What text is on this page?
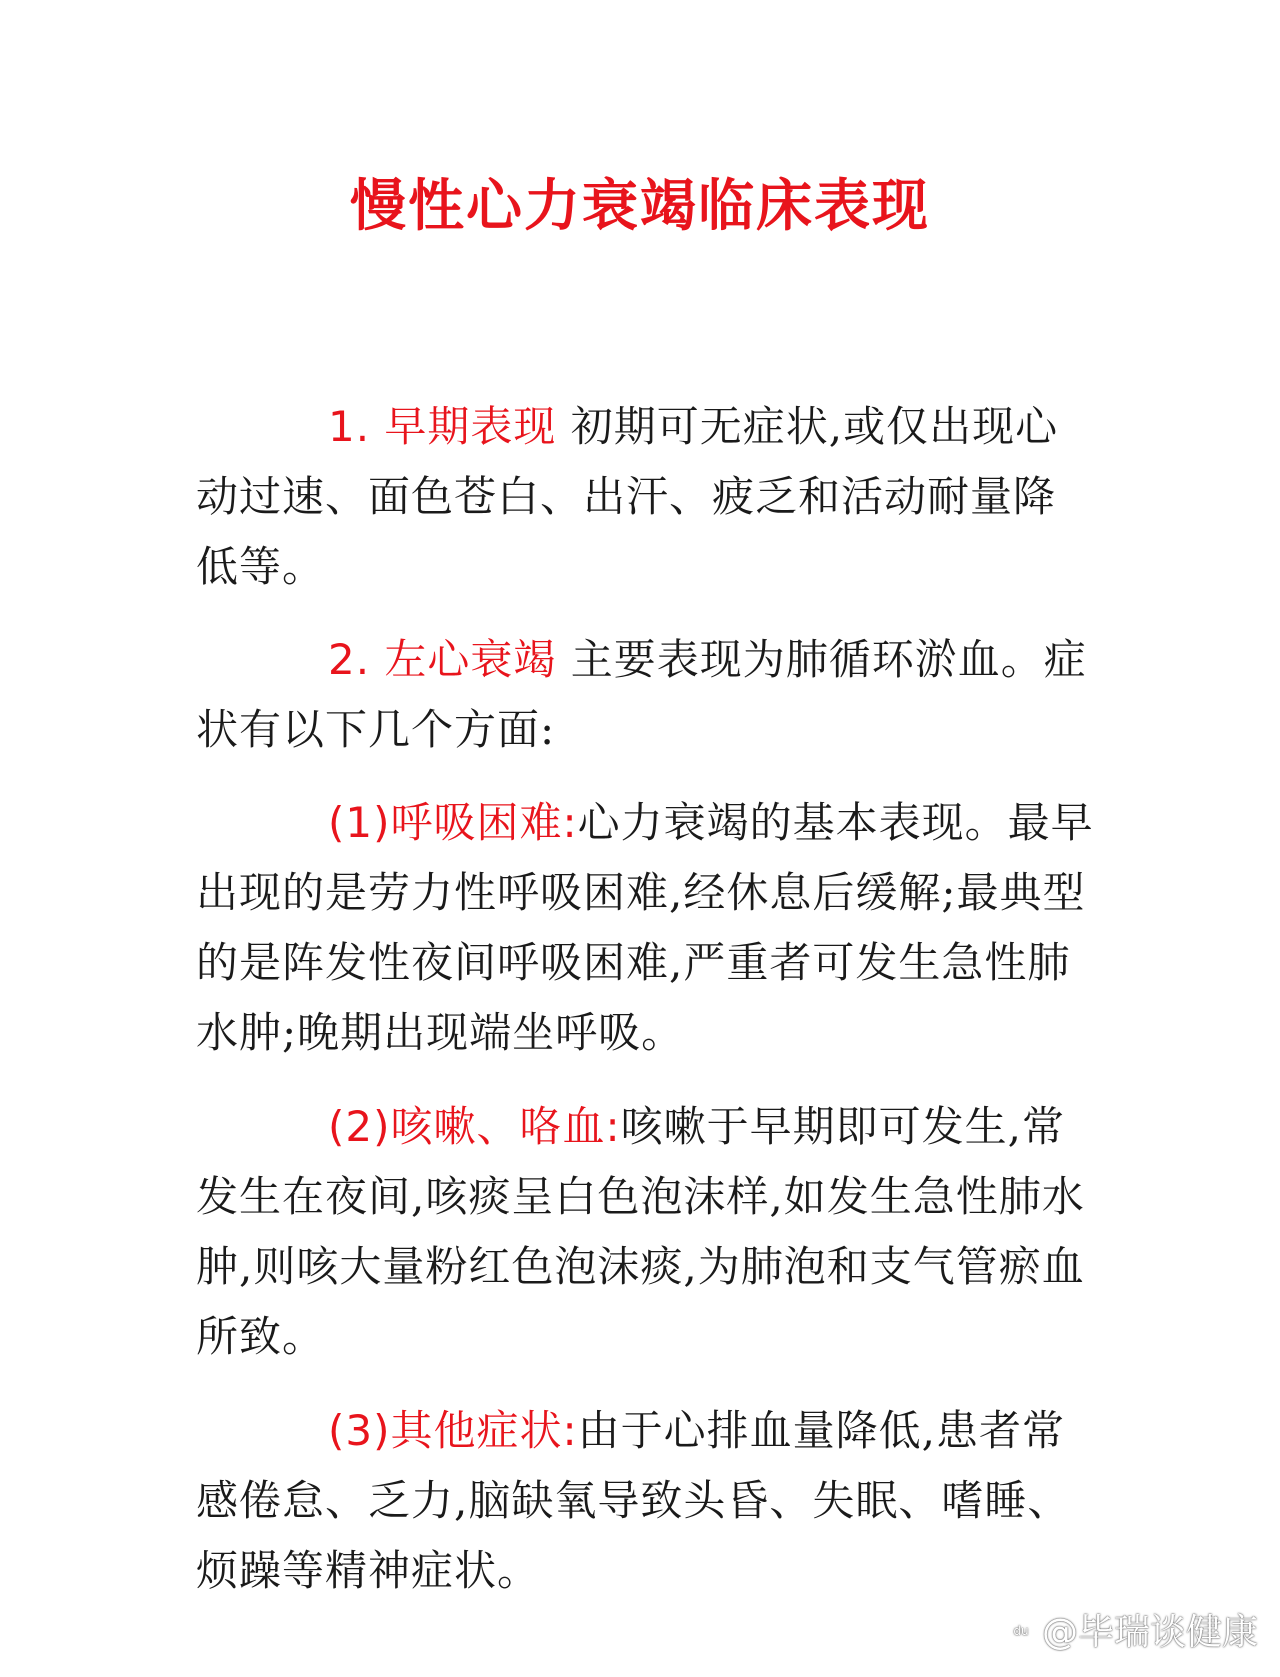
慢性心力衰竭临床表现
1. 早期表现 初期可无症状,或仅出现心动过速、面色苍白、出汗、疲乏和活动耐量降低等。
2. 左心衰竭 主要表现为肺循环淤血。症状有以下几个方面:
(1)呼吸困难:心力衰竭的基本表现。最早出现的是劳力性呼吸困难,经休息后缓解;最典型的是阵发性夜间呼吸困难,严重者可发生急性肺水肿;晚期出现端坐呼吸。
(2)咳嗽、咯血:咳嗽于早期即可发生,常发生在夜间,咳痰呈白色泡沫样,如发生急性肺水肿,则咳大量粉红色泡沫痰,为肺泡和支气管瘀血所致。
(3)其他症状:由于心排血量降低,患者常感倦怠、乏力,脑缺氧导致头昏、失眠、嗜睡、烦躁等精神症状。
du @毕瑞谈健康
